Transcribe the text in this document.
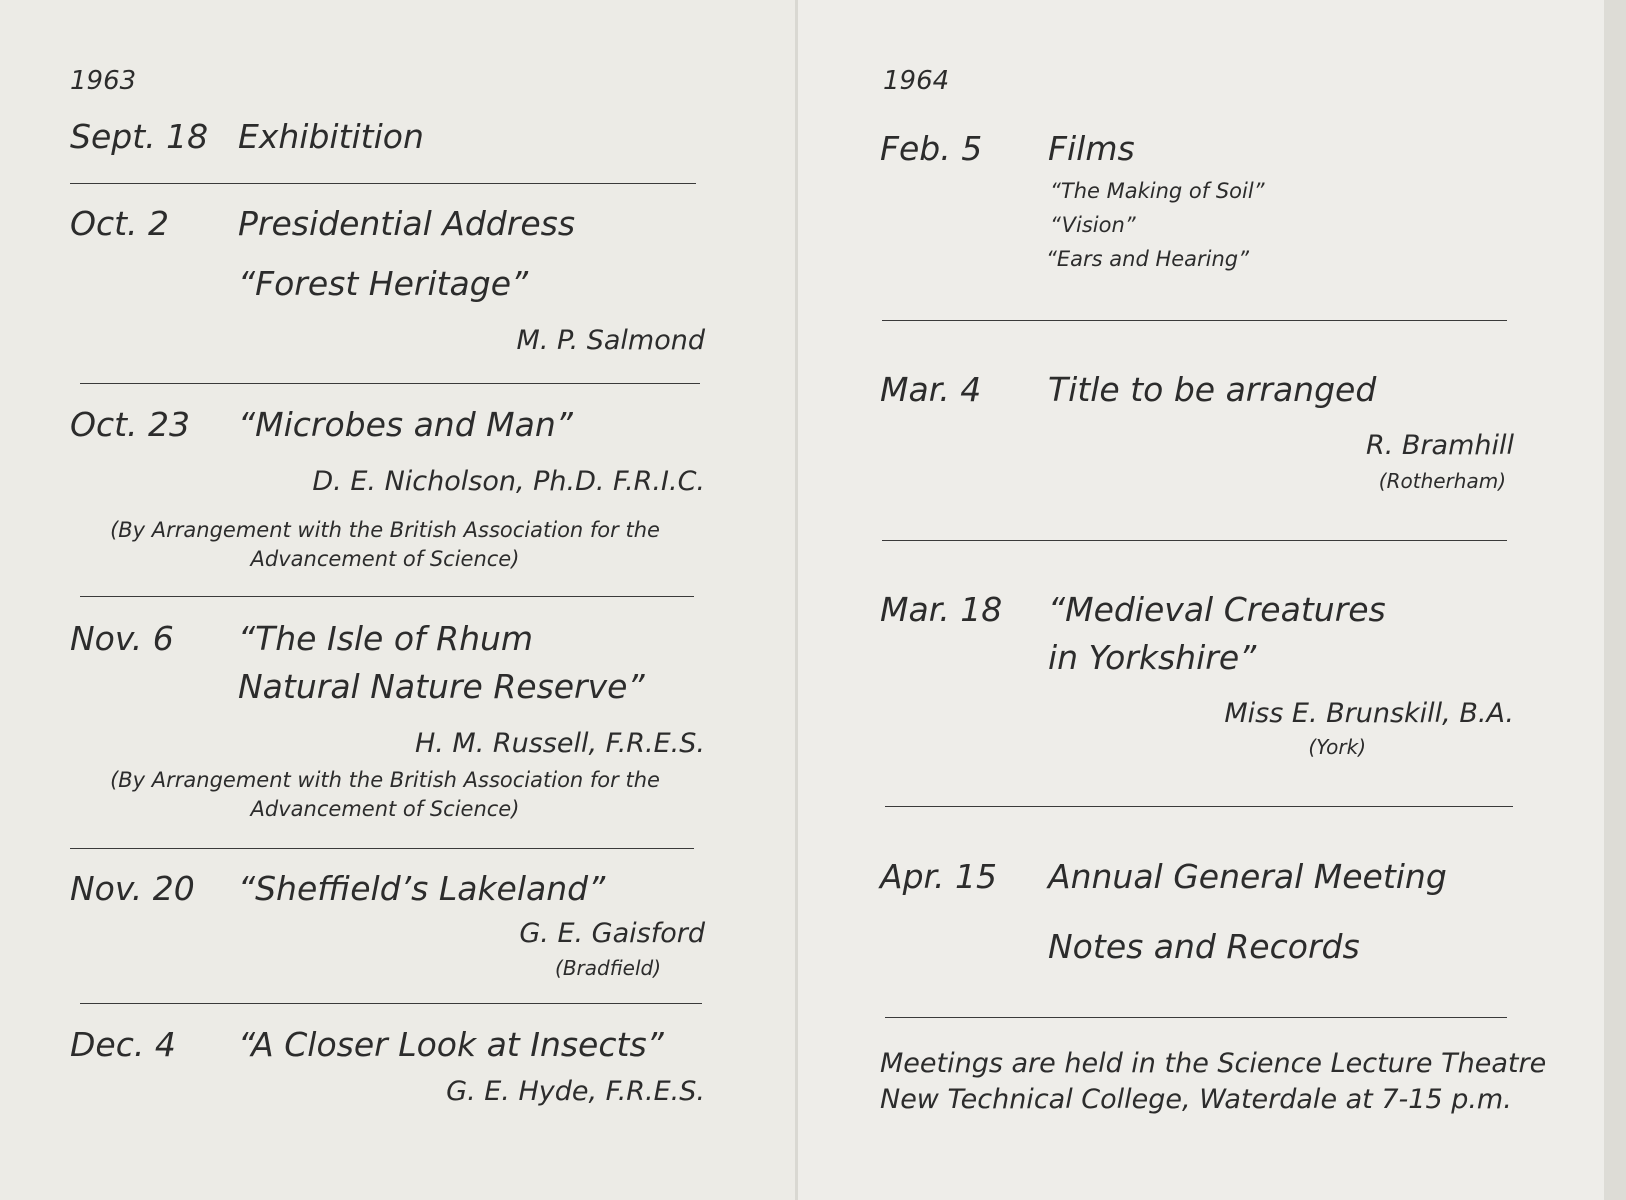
1963
Sept. 18 Exhibitition
Oct. 2 Presidential Address
“Forest Heritage”
M. P. Salmond
Oct. 23 “Microbes and Man”
D. E. Nicholson, Ph.D. F.R.I.C.
(By Arrangement with the British Association for the
Advancement of Science)
Nov. 6 “The Isle of Rhum
Natural Nature Reserve”
H. M. Russell, F.R.E.S.
(By Arrangement with the British Association for the
Advancement of Science)
Nov. 20 “Sheffield’s Lakeland”
G. E. Gaisford
(Bradfield)
Dec. 4 “A Closer Look at Insects”
G. E. Hyde, F.R.E.S.
1964
Feb. 5 Films
“The Making of Soil”
“Vision”
“Ears and Hearing”
Mar. 4 Title to be arranged
R. Bramhill
(Rotherham)
Mar. 18 “Medieval Creatures
in Yorkshire”
Miss E. Brunskill, B.A.
(York)
Apr. 15 Annual General Meeting
Notes and Records
Meetings are held in the Science Lecture Theatre
New Technical College, Waterdale at 7-15 p.m.
